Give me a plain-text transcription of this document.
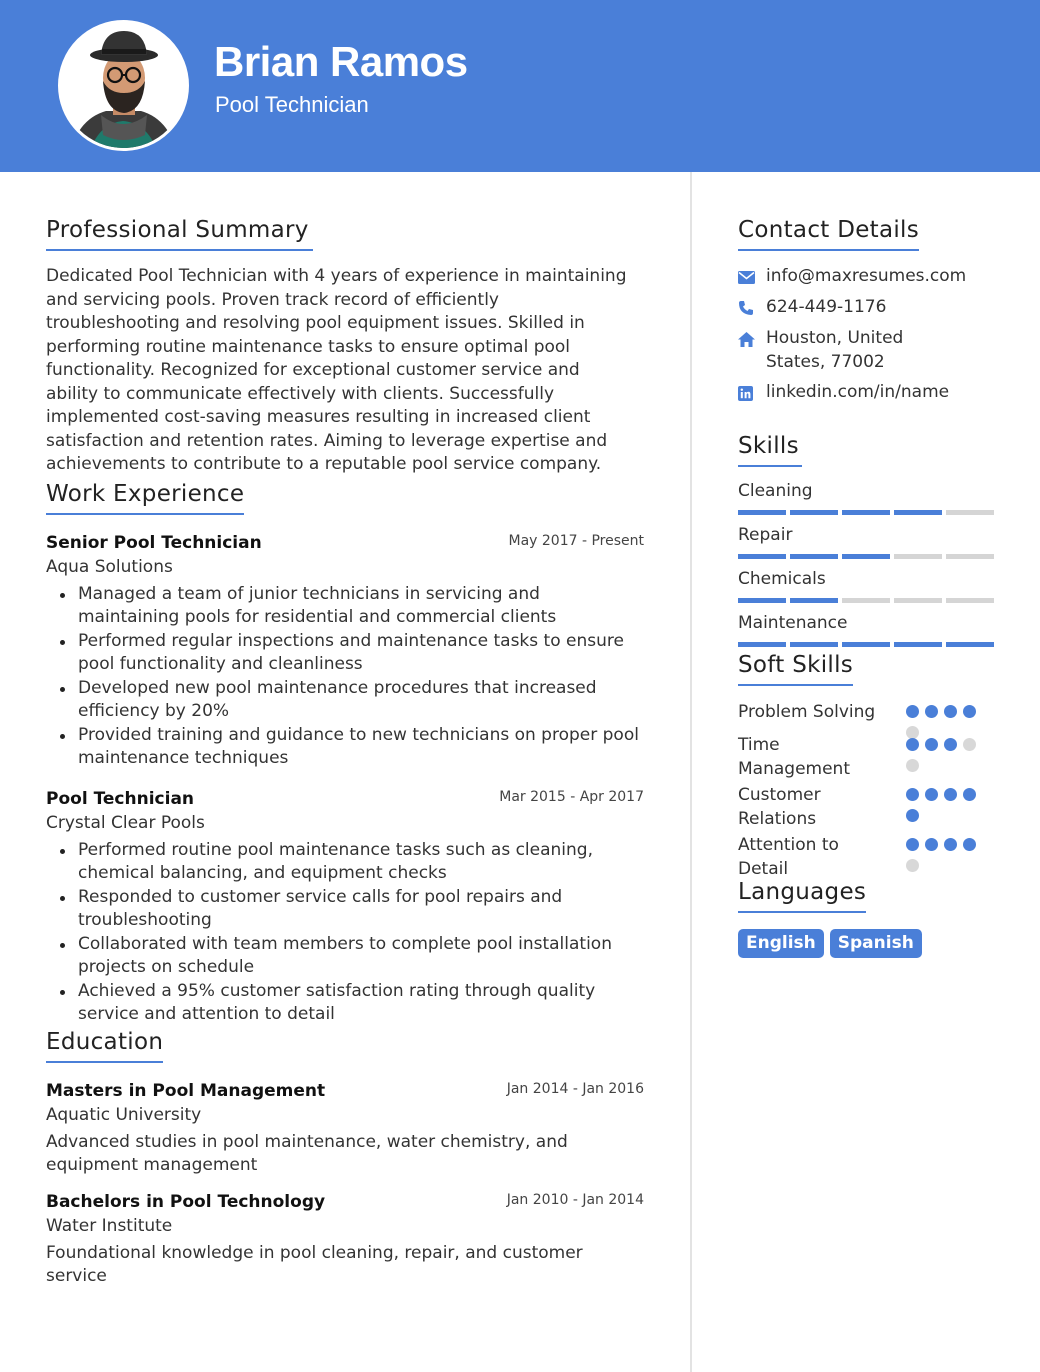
Brian Ramos
Pool Technician
Professional Summary
Dedicated Pool Technician with 4 years of experience in maintaining and servicing pools. Proven track record of efficiently troubleshooting and resolving pool equipment issues. Skilled in performing routine maintenance tasks to ensure optimal pool functionality. Recognized for exceptional customer service and ability to communicate effectively with clients. Successfully implemented cost-saving measures resulting in increased client satisfaction and retention rates. Aiming to leverage expertise and achievements to contribute to a reputable pool service company.
Work Experience
Senior Pool Technician	May 2017 - Present
Aqua Solutions
Managed a team of junior technicians in servicing and maintaining pools for residential and commercial clients
Performed regular inspections and maintenance tasks to ensure pool functionality and cleanliness
Developed new pool maintenance procedures that increased efficiency by 20%
Provided training and guidance to new technicians on proper pool maintenance techniques
Pool Technician	Mar 2015 - Apr 2017
Crystal Clear Pools
Performed routine pool maintenance tasks such as cleaning, chemical balancing, and equipment checks
Responded to customer service calls for pool repairs and troubleshooting
Collaborated with team members to complete pool installation projects on schedule
Achieved a 95% customer satisfaction rating through quality service and attention to detail
Education
Masters in Pool Management	Jan 2014 - Jan 2016
Aquatic University
Advanced studies in pool maintenance, water chemistry, and equipment management
Bachelors in Pool Technology	Jan 2010 - Jan 2014
Water Institute
Foundational knowledge in pool cleaning, repair, and customer service
Contact Details
info@maxresumes.com
624-449-1176
Houston, United States, 77002
linkedin.com/in/name
Skills
Cleaning
Repair
Chemicals
Maintenance
Soft Skills
Problem Solving
Time Management
Customer Relations
Attention to Detail
Languages
English	Spanish
